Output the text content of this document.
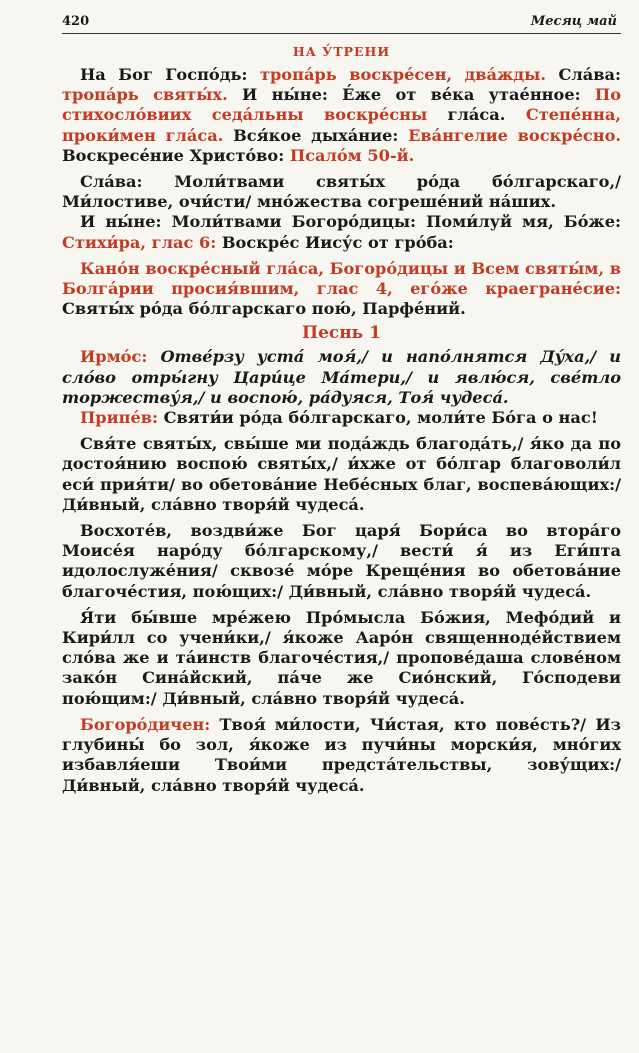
420	Месяц май
НА У́ТРЕНИ

На Бог Госпо́дь: тропа́рь воскре́сен, два́жды. Сла́ва: тропа́рь святы́х. И ны́не: Е́же от ве́ка утае́нное: По стихосло́виих седа́льны воскре́сны гла́са. Степе́нна, проки́мен гла́са. Вся́кое дыха́ние: Ева́нгелие воскре́сно. Воскресе́ние Христо́во: Псало́м 50-й.

Сла́ва: Моли́твами святы́х ро́да бо́лгарскаго,/ Ми́лостиве, очи́сти/ мно́жества согреше́ний на́ших.

И ны́не: Моли́твами Богоро́дицы: Поми́луй мя, Бо́же: Стихи́ра, глас 6: Воскре́с Иису́с от гро́ба:

Кано́н воскре́сный гла́са, Богоро́дицы и Всем святы́м, в Болга́рии просия́вшим, глас 4, его́же краегране́сие: Святы́х ро́да бо́лгарскаго пою́, Парфе́ний.

Песнь 1

Ирмо́с: Отве́рзу уста́ моя́,/ и напо́лнятся Ду́ха,/ и сло́во отры́гну Цари́це Ма́тери,/ и явлю́ся, све́тло торжеству́я,/ и воспою́, ра́дуяся, Тоя́ чудеса́.

Припе́в: Святи́и ро́да бо́лгарскаго, моли́те Бо́га о нас!

Свя́те святы́х, свы́ше ми пода́ждь благода́ть,/ я́ко да по достоя́нию воспою́ святы́х,/ и́хже от бо́лгар благоволи́л еси́ прия́ти/ во обетова́ние Небе́сных благ, воспева́ющих:/ Ди́вный, сла́вно творя́й чудеса́.

Восхоте́в, воздви́же Бог царя́ Бори́са во втора́го Моисе́я наро́ду бо́лгарскому,/ вести́ я́ из Еги́пта идолослуже́ния/ сквозе́ мо́ре Креще́ния во обетова́ние благоче́стия, пою́щих:/ Ди́вный, сла́вно творя́й чудеса́.

Я́ти бы́вше мре́жею Про́мысла Бо́жия, Мефо́дий и Кири́лл со учени́ки,/ я́коже Ааро́н священноде́йствием сло́ва же и та́инств благоче́стия,/ пропове́даша слове́ном зако́н Сина́йский, па́че же Сио́нский, Го́сподеви пою́щим:/ Ди́вный, сла́вно творя́й чудеса́.

Богоро́дичен: Твоя́ ми́лости, Чи́стая, кто пове́сть?/ Из глубины́ бо зол, я́коже из пучи́ны морски́я, мно́гих избавля́еши Твои́ми предста́тельствы, зову́щих:/ Ди́вный, сла́вно творя́й чудеса́.
